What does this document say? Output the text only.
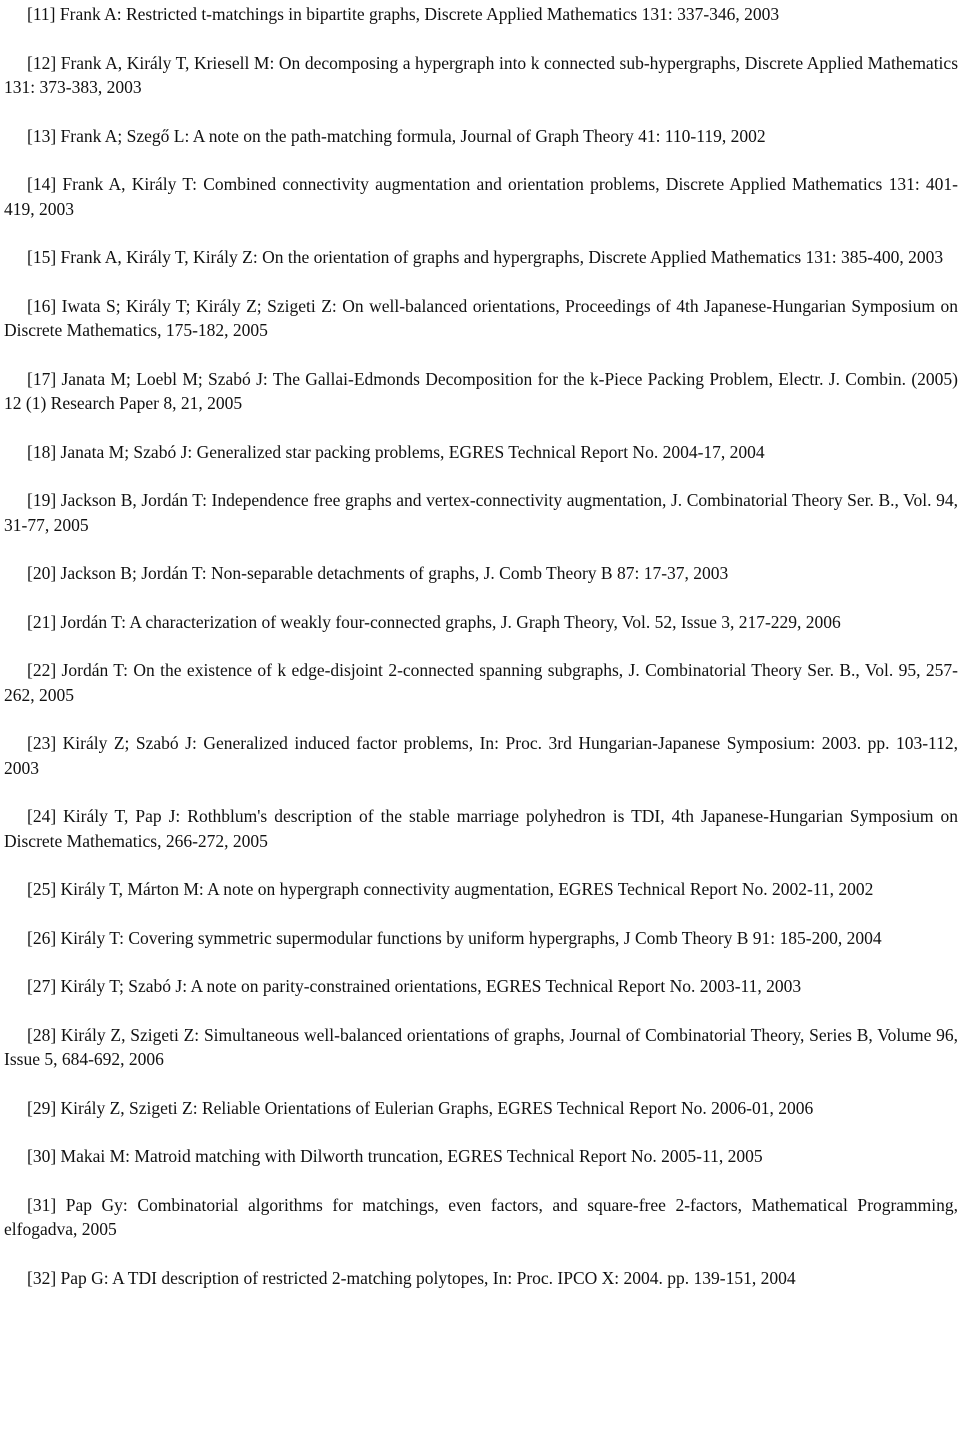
[11] Frank A: Restricted t-matchings in bipartite graphs, Discrete Applied Mathematics 131: 337-346, 2003
[12] Frank A, Király T, Kriesell M: On decomposing a hypergraph into k connected sub-hypergraphs, Discrete Applied Mathematics 131: 373-383, 2003
[13] Frank A; Szegő L: A note on the path-matching formula, Journal of Graph Theory 41: 110-119, 2002
[14] Frank A, Király T: Combined connectivity augmentation and orientation problems, Discrete Applied Mathematics 131: 401-419, 2003
[15] Frank A, Király T, Király Z: On the orientation of graphs and hypergraphs, Discrete Applied Mathematics 131: 385-400, 2003
[16] Iwata S; Király T; Király Z; Szigeti Z: On well-balanced orientations, Proceedings of 4th Japanese-Hungarian Symposium on Discrete Mathematics, 175-182, 2005
[17] Janata M; Loebl M; Szabó J: The Gallai-Edmonds Decomposition for the k-Piece Packing Problem, Electr. J. Combin. (2005) 12 (1) Research Paper 8, 21, 2005
[18] Janata M; Szabó J: Generalized star packing problems, EGRES Technical Report No. 2004-17, 2004
[19] Jackson B, Jordán T: Independence free graphs and vertex-connectivity augmentation, J. Combinatorial Theory Ser. B., Vol. 94, 31-77, 2005
[20] Jackson B; Jordán T: Non-separable detachments of graphs, J. Comb Theory B 87: 17-37, 2003
[21] Jordán T: A characterization of weakly four-connected graphs, J. Graph Theory, Vol. 52, Issue 3, 217-229, 2006
[22] Jordán T: On the existence of k edge-disjoint 2-connected spanning subgraphs, J. Combinatorial Theory Ser. B., Vol. 95, 257-262, 2005
[23] Király Z; Szabó J: Generalized induced factor problems, In: Proc. 3rd Hungarian-Japanese Symposium: 2003. pp. 103-112, 2003
[24] Király T, Pap J: Rothblum's description of the stable marriage polyhedron is TDI, 4th Japanese-Hungarian Symposium on Discrete Mathematics, 266-272, 2005
[25] Király T, Márton M: A note on hypergraph connectivity augmentation, EGRES Technical Report No. 2002-11, 2002
[26] Király T: Covering symmetric supermodular functions by uniform hypergraphs, J Comb Theory B 91: 185-200, 2004
[27] Király T; Szabó J: A note on parity-constrained orientations, EGRES Technical Report No. 2003-11, 2003
[28] Király Z, Szigeti Z: Simultaneous well-balanced orientations of graphs, Journal of Combinatorial Theory, Series B, Volume 96, Issue 5, 684-692, 2006
[29] Király Z, Szigeti Z: Reliable Orientations of Eulerian Graphs, EGRES Technical Report No. 2006-01, 2006
[30] Makai M: Matroid matching with Dilworth truncation, EGRES Technical Report No. 2005-11, 2005
[31] Pap Gy: Combinatorial algorithms for matchings, even factors, and square-free 2-factors, Mathematical Programming, elfogadva, 2005
[32] Pap G: A TDI description of restricted 2-matching polytopes, In: Proc. IPCO X: 2004. pp. 139-151, 2004
